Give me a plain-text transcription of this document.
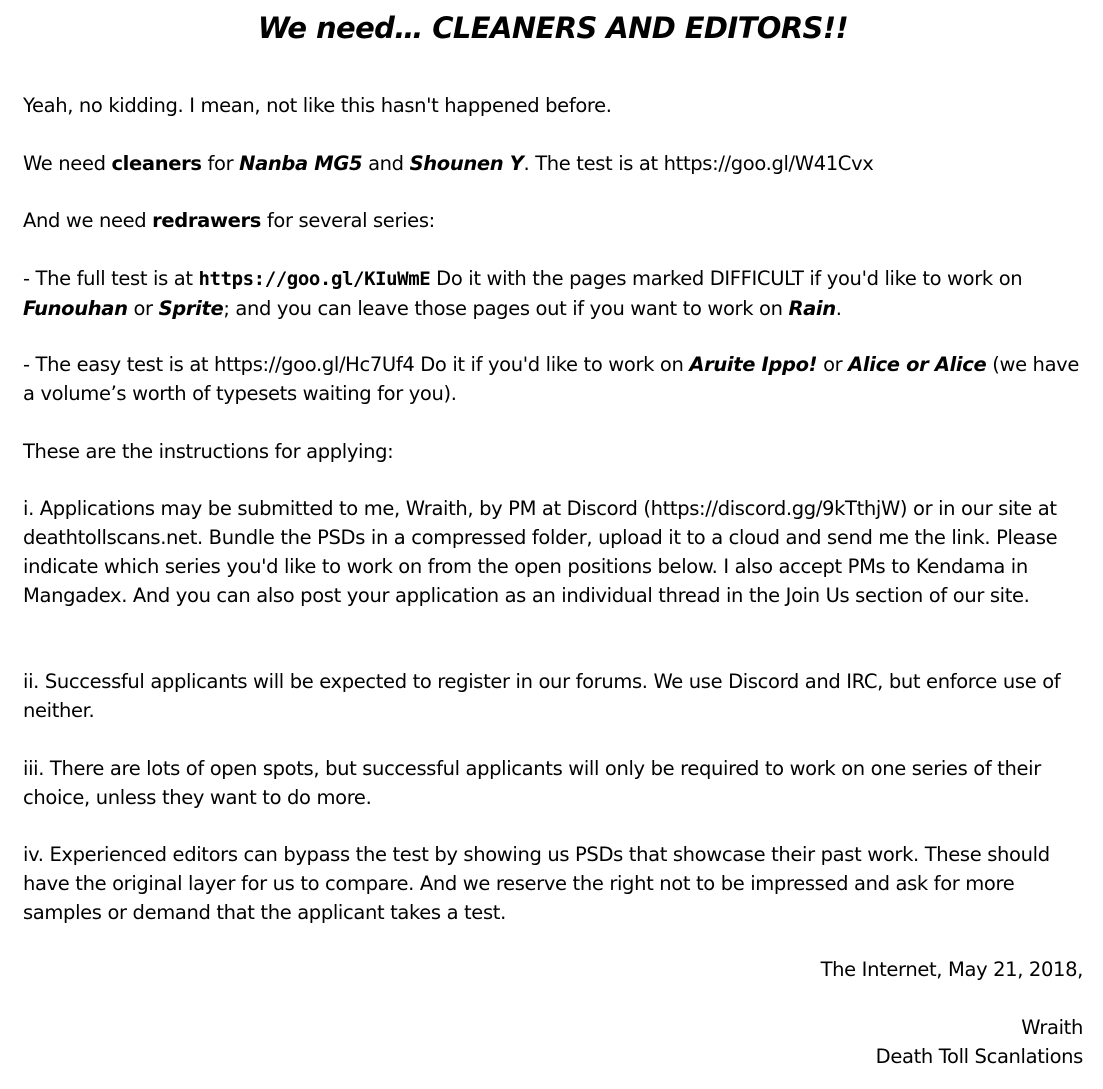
We need… CLEANERS AND EDITORS!!

Yeah, no kidding. I mean, not like this hasn't happened before.

We need cleaners for Nanba MG5 and Shounen Y. The test is at https://goo.gl/W41Cvx

And we need redrawers for several series:

- The full test is at https://goo.gl/KIuWmE Do it with the pages marked DIFFICULT if you'd like to work on Funouhan or Sprite; and you can leave those pages out if you want to work on Rain.

- The easy test is at https://goo.gl/Hc7Uf4 Do it if you'd like to work on Aruite Ippo! or Alice or Alice (we have a volume’s worth of typesets waiting for you).

These are the instructions for applying:

i. Applications may be submitted to me, Wraith, by PM at Discord (https://discord.gg/9kTthjW) or in our site at deathtollscans.net. Bundle the PSDs in a compressed folder, upload it to a cloud and send me the link. Please indicate which series you'd like to work on from the open positions below. I also accept PMs to Kendama in Mangadex. And you can also post your application as an individual thread in the Join Us section of our site.

ii. Successful applicants will be expected to register in our forums. We use Discord and IRC, but enforce use of neither.

iii. There are lots of open spots, but successful applicants will only be required to work on one series of their choice, unless they want to do more.

iv. Experienced editors can bypass the test by showing us PSDs that showcase their past work. These should have the original layer for us to compare. And we reserve the right not to be impressed and ask for more samples or demand that the applicant takes a test.

The Internet, May 21, 2018,

Wraith

Death Toll Scanlations
